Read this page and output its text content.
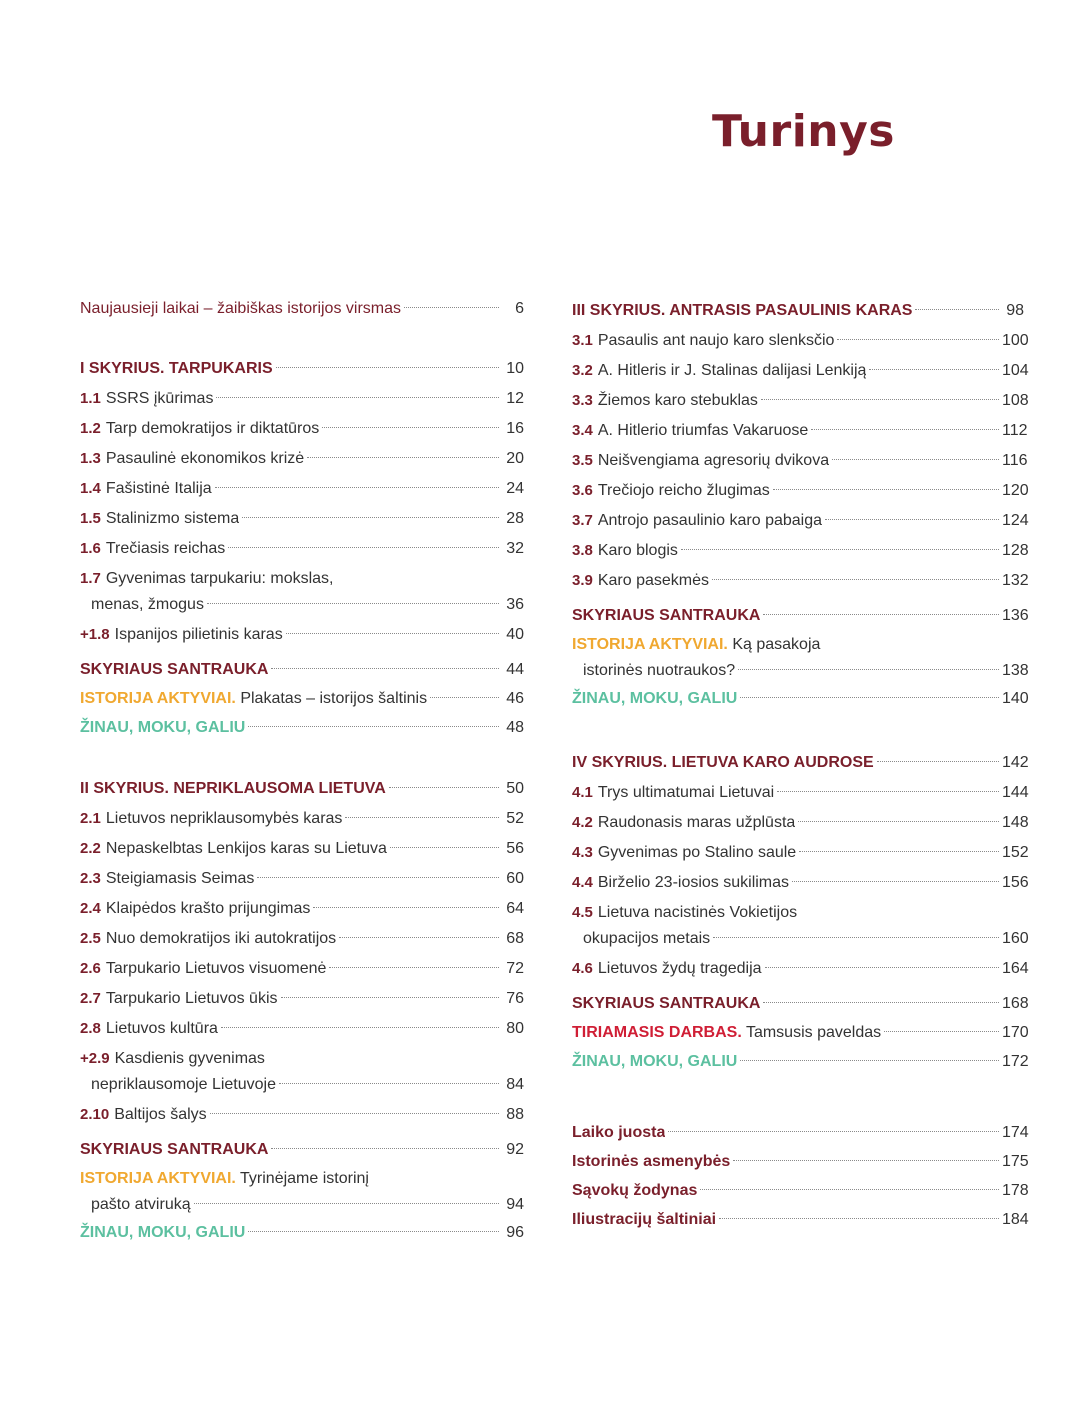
Turinys
Naujausieji laikai – žaibiškas istorijos virsmas	6
I SKYRIUS. TARPUKARIS	10
1.1 SSRS įkūrimas	12
1.2 Tarp demokratijos ir diktatūros	16
1.3 Pasaulinė ekonomikos krizė	20
1.4 Fašistinė Italija	24
1.5 Stalinizmo sistema	28
1.6 Trečiasis reichas	32
1.7 Gyvenimas tarpukariu: mokslas,
menas, žmogus	36
+1.8 Ispanijos pilietinis karas	40
SKYRIAUS SANTRAUKA	44
ISTORIJA AKTYVIAI. Plakatas – istorijos šaltinis	46
ŽINAU, MOKU, GALIU	48
II SKYRIUS. NEPRIKLAUSOMA LIETUVA	50
2.1 Lietuvos nepriklausomybės karas	52
2.2 Nepaskelbtas Lenkijos karas su Lietuva	56
2.3 Steigiamasis Seimas	60
2.4 Klaipėdos krašto prijungimas	64
2.5 Nuo demokratijos iki autokratijos	68
2.6 Tarpukario Lietuvos visuomenė	72
2.7 Tarpukario Lietuvos ūkis	76
2.8 Lietuvos kultūra	80
+2.9 Kasdienis gyvenimas
nepriklausomoje Lietuvoje	84
2.10 Baltijos šalys	88
SKYRIAUS SANTRAUKA	92
ISTORIJA AKTYVIAI. Tyrinėjame istorinį
pašto atviruką	94
ŽINAU, MOKU, GALIU	96
III SKYRIUS. ANTRASIS PASAULINIS KARAS	98
3.1 Pasaulis ant naujo karo slenksčio	100
3.2 A. Hitleris ir J. Stalinas dalijasi Lenkiją	104
3.3 Žiemos karo stebuklas	108
3.4 A. Hitlerio triumfas Vakaruose	112
3.5 Neišvengiama agresorių dvikova	116
3.6 Trečiojo reicho žlugimas	120
3.7 Antrojo pasaulinio karo pabaiga	124
3.8 Karo blogis	128
3.9 Karo pasekmės	132
SKYRIAUS SANTRAUKA	136
ISTORIJA AKTYVIAI. Ką pasakoja
istorinės nuotraukos?	138
ŽINAU, MOKU, GALIU	140
IV SKYRIUS. LIETUVA KARO AUDROSE	142
4.1 Trys ultimatumai Lietuvai	144
4.2 Raudonasis maras užplūsta	148
4.3 Gyvenimas po Stalino saule	152
4.4 Birželio 23-iosios sukilimas	156
4.5 Lietuva nacistinės Vokietijos
okupacijos metais	160
4.6 Lietuvos žydų tragedija	164
SKYRIAUS SANTRAUKA	168
TIRIAMASIS DARBAS. Tamsusis paveldas	170
ŽINAU, MOKU, GALIU	172
Laiko juosta	174
Istorinės asmenybės	175
Sąvokų žodynas	178
Iliustracijų šaltiniai	184
